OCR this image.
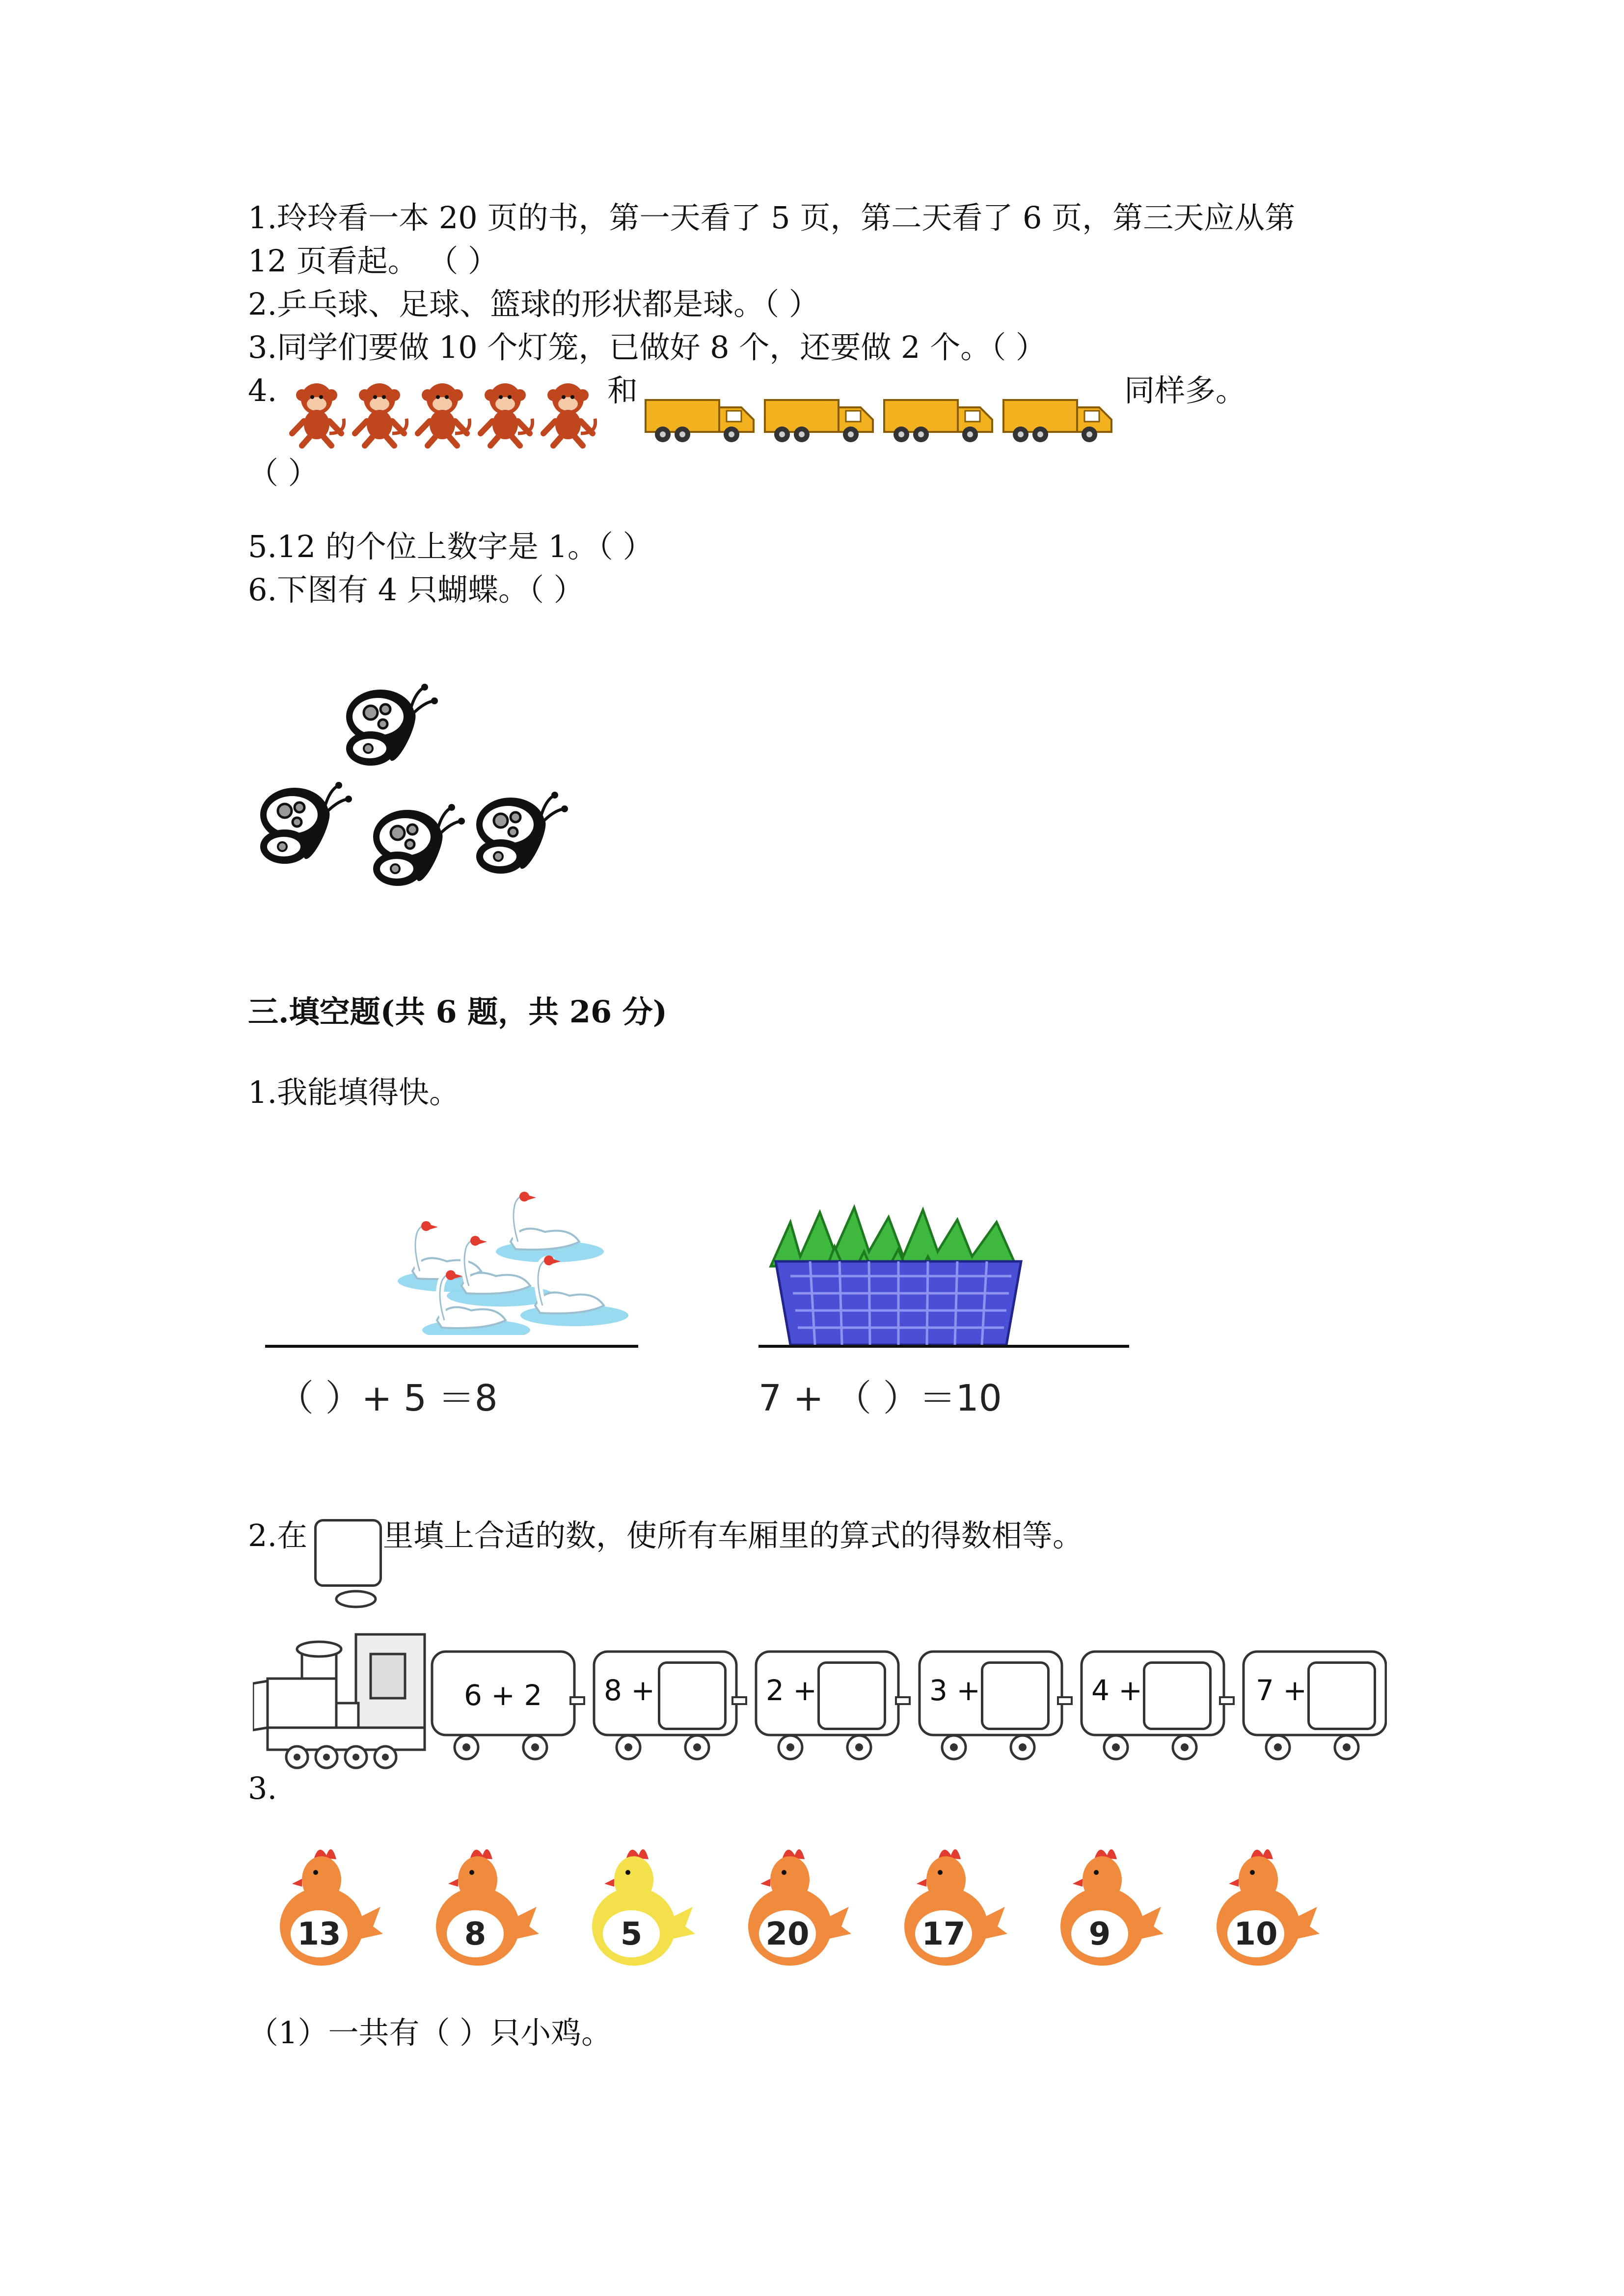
1.玲玲看一本 20 页的书，第一天看了 5 页，第二天看了 6 页，第三天应从第
12 页看起。 （ ）
2.乒乓球、足球、篮球的形状都是球。（ ）
3.同学们要做 10 个灯笼，已做好 8 个，还要做 2 个。（ ）
4.	和	同样多。
（ ）
5.12 的个位上数字是 1。（ ）
6.下图有 4 只蝴蝶。（ ）
三.填空题(共 6 题，共 26 分)
1.我能填得快。
（ ）+ 5 ＝8	7 + （ ）＝10
2.在 里填上合适的数，使所有车厢里的算式的得数相等。
6 + 2 8 +	2 +	3 +	4 +	7 +
3.
13	8	5	20	17	9	10
（1）一共有（ ）只小鸡。
